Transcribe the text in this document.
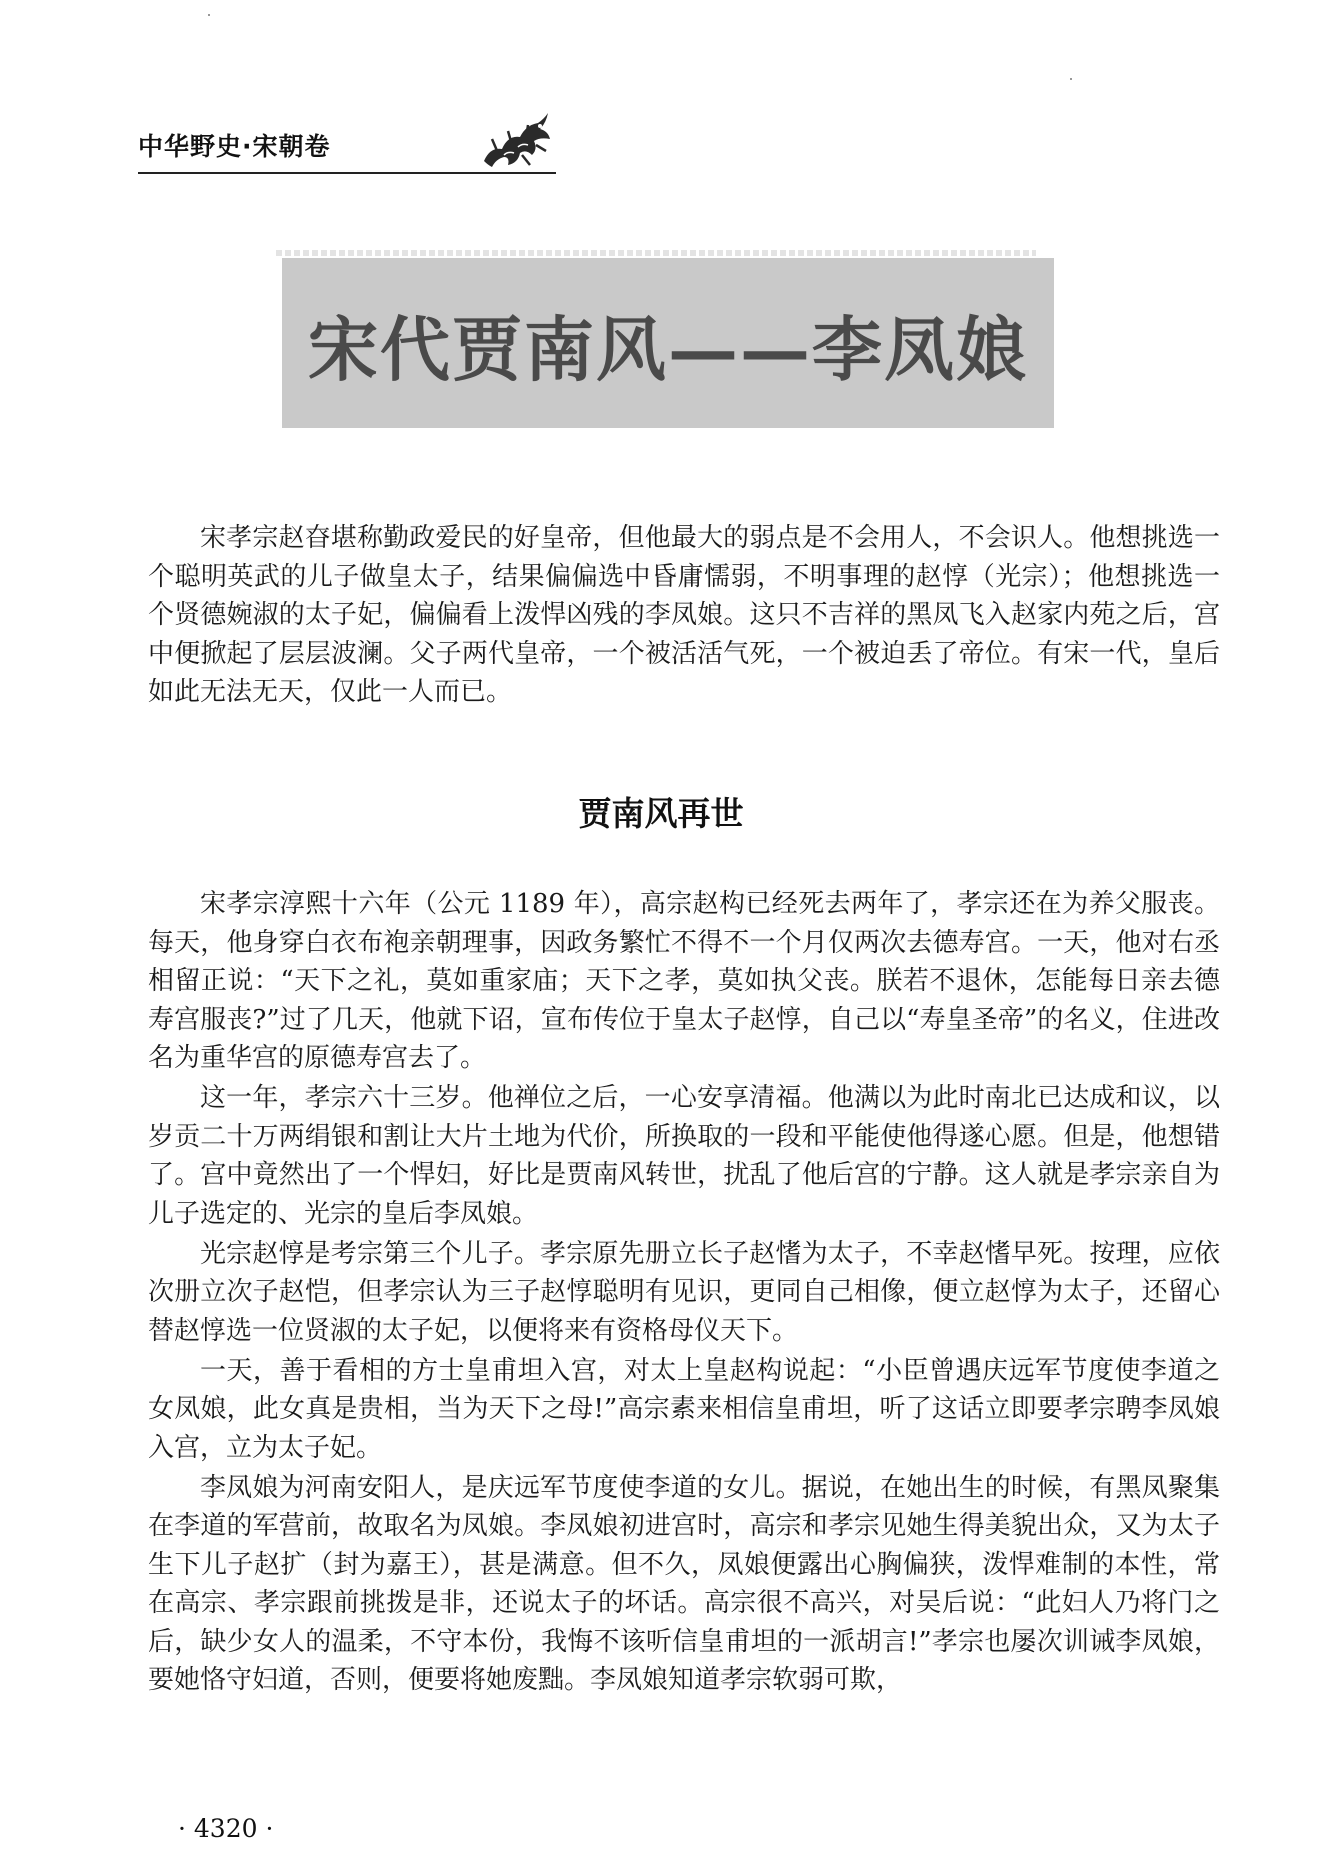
中华野史·宋朝卷
宋代贾南风——李凤娘

宋孝宗赵昚堪称勤政爱民的好皇帝，但他最大的弱点是不会用人，不会识人。他想挑选一个聪明英武的儿子做皇太子，结果偏偏选中昏庸懦弱，不明事理的赵惇（光宗）；他想挑选一个贤德婉淑的太子妃，偏偏看上泼悍凶残的李凤娘。这只不吉祥的黑凤飞入赵家内苑之后，宫中便掀起了层层波澜。父子两代皇帝，一个被活活气死，一个被迫丢了帝位。有宋一代，皇后如此无法无天，仅此一人而已。

贾南风再世

宋孝宗淳熙十六年（公元 1189 年），高宗赵构已经死去两年了，孝宗还在为养父服丧。每天，他身穿白衣布袍亲朝理事，因政务繁忙不得不一个月仅两次去德寿宫。一天，他对右丞相留正说：“天下之礼，莫如重家庙；天下之孝，莫如执父丧。朕若不退休，怎能每日亲去德寿宫服丧?”过了几天，他就下诏，宣布传位于皇太子赵惇，自己以“寿皇圣帝”的名义，住进改名为重华宫的原德寿宫去了。

这一年，孝宗六十三岁。他禅位之后，一心安享清福。他满以为此时南北已达成和议，以岁贡二十万两绢银和割让大片土地为代价，所换取的一段和平能使他得遂心愿。但是，他想错了。宫中竟然出了一个悍妇，好比是贾南风转世，扰乱了他后宫的宁静。这人就是孝宗亲自为儿子选定的、光宗的皇后李凤娘。

光宗赵惇是考宗第三个儿子。孝宗原先册立长子赵愭为太子，不幸赵愭早死。按理，应依次册立次子赵恺，但孝宗认为三子赵惇聪明有见识，更同自己相像，便立赵惇为太子，还留心替赵惇选一位贤淑的太子妃，以便将来有资格母仪天下。

一天，善于看相的方士皇甫坦入宫，对太上皇赵构说起：“小臣曾遇庆远军节度使李道之女凤娘，此女真是贵相，当为天下之母!”高宗素来相信皇甫坦，听了这话立即要孝宗聘李凤娘入宫，立为太子妃。

李凤娘为河南安阳人，是庆远军节度使李道的女儿。据说，在她出生的时候，有黑凤聚集在李道的军营前，故取名为凤娘。李凤娘初进宫时，高宗和孝宗见她生得美貌出众，又为太子生下儿子赵扩（封为嘉王），甚是满意。但不久，凤娘便露出心胸偏狭，泼悍难制的本性，常在高宗、孝宗跟前挑拨是非，还说太子的坏话。高宗很不高兴，对吴后说：“此妇人乃将门之后，缺少女人的温柔，不守本份，我悔不该听信皇甫坦的一派胡言!”孝宗也屡次训诫李凤娘，要她恪守妇道，否则，便要将她废黜。李凤娘知道孝宗软弱可欺，

· 4320 ·
